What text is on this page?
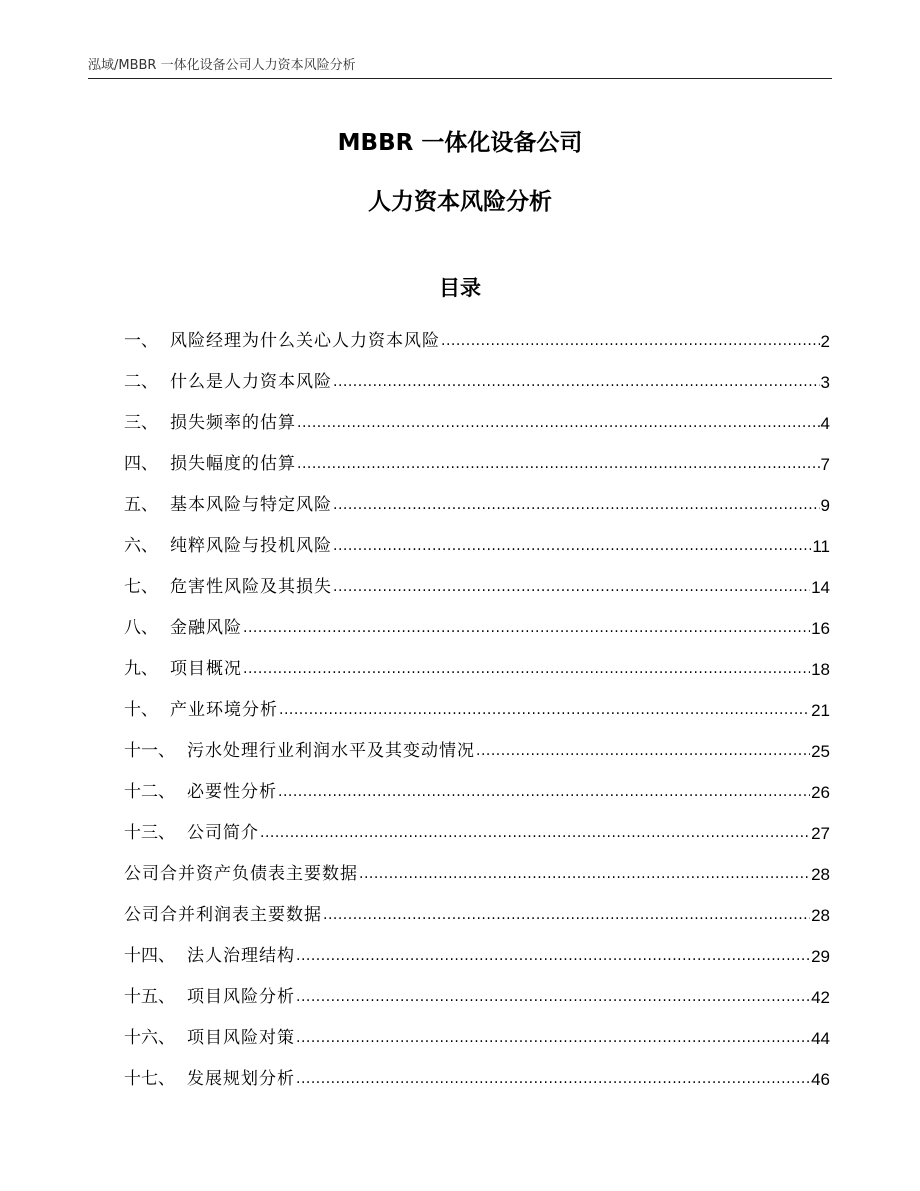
泓域/MBBR 一体化设备公司人力资本风险分析
MBBR 一体化设备公司
人力资本风险分析
目录
一、 风险经理为什么关心人力资本风险 .....	2
二、 什么是人力资本风险 .....	3
三、 损失频率的估算 .....	4
四、 损失幅度的估算 .....	7
五、 基本风险与特定风险 .....	9
六、 纯粹风险与投机风险 .....	11
七、 危害性风险及其损失 .....	14
八、 金融风险 .....	16
九、 项目概况 .....	18
十、 产业环境分析 .....	21
十一、 污水处理行业利润水平及其变动情况 .....	25
十二、 必要性分析 .....	26
十三、 公司简介 .....	27
公司合并资产负债表主要数据 .....	28
公司合并利润表主要数据 .....	28
十四、 法人治理结构 .....	29
十五、 项目风险分析 .....	42
十六、 项目风险对策 .....	44
十七、 发展规划分析 .....	46
